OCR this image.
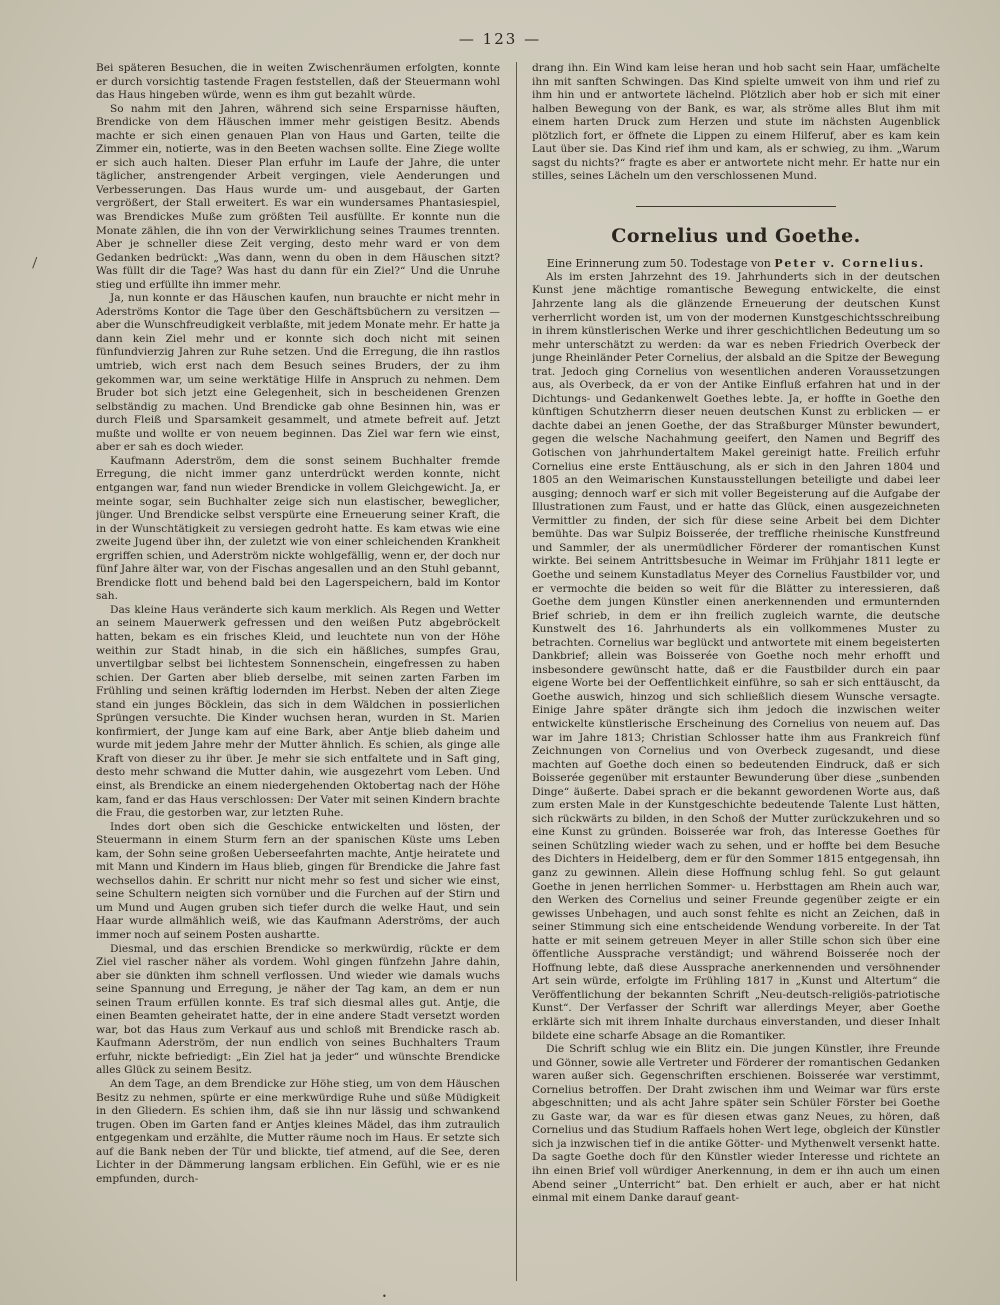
— 123 —

Bei späteren Besuchen, die in weiten Zwischenräumen erfolgten, konnte er durch vorsichtig tastende Fragen feststellen, daß der Steuermann wohl das Haus hingeben würde, wenn es ihm gut bezahlt würde.

So nahm mit den Jahren, während sich seine Ersparnisse häuften, Brendicke von dem Häuschen immer mehr geistigen Besitz. Abends machte er sich einen genauen Plan von Haus und Garten, teilte die Zimmer ein, notierte, was in den Beeten wachsen sollte. Eine Ziege wollte er sich auch halten. Dieser Plan erfuhr im Laufe der Jahre, die unter täglicher, anstrengender Arbeit vergingen, viele Aenderungen und Verbesserungen. Das Haus wurde um- und ausgebaut, der Garten vergrößert, der Stall erweitert. Es war ein wundersames Phantasiespiel, was Brendickes Muße zum größten Teil ausfüllte. Er konnte nun die Monate zählen, die ihn von der Verwirklichung seines Traumes trennten. Aber je schneller diese Zeit verging, desto mehr ward er von dem Gedanken bedrückt: „Was dann, wenn du oben in dem Häuschen sitzt? Was füllt dir die Tage? Was hast du dann für ein Ziel?“ Und die Unruhe stieg und erfüllte ihn immer mehr.

Ja, nun konnte er das Häuschen kaufen, nun brauchte er nicht mehr in Aderströms Kontor die Tage über den Geschäftsbüchern zu versitzen — aber die Wunschfreudigkeit verblaßte, mit jedem Monate mehr. Er hatte ja dann kein Ziel mehr und er konnte sich doch nicht mit seinen fünfundvierzig Jahren zur Ruhe setzen. Und die Erregung, die ihn rastlos umtrieb, wich erst nach dem Besuch seines Bruders, der zu ihm gekommen war, um seine werktätige Hilfe in Anspruch zu nehmen. Dem Bruder bot sich jetzt eine Gelegenheit, sich in bescheidenen Grenzen selbständig zu machen. Und Brendicke gab ohne Besinnen hin, was er durch Fleiß und Sparsamkeit gesammelt, und atmete befreit auf. Jetzt mußte und wollte er von neuem beginnen. Das Ziel war fern wie einst, aber er sah es doch wieder.

Kaufmann Aderström, dem die sonst seinem Buchhalter fremde Erregung, die nicht immer ganz unterdrückt werden konnte, nicht entgangen war, fand nun wieder Brendicke in vollem Gleichgewicht. Ja, er meinte sogar, sein Buchhalter zeige sich nun elastischer, beweglicher, jünger. Und Brendicke selbst verspürte eine Erneuerung seiner Kraft, die in der Wunschtätigkeit zu versiegen gedroht hatte. Es kam etwas wie eine zweite Jugend über ihn, der zuletzt wie von einer schleichenden Krankheit ergriffen schien, und Aderström nickte wohlgefällig, wenn er, der doch nur fünf Jahre älter war, von der Fischas angesallen und an den Stuhl gebannt, Brendicke flott und behend bald bei den Lagerspeichern, bald im Kontor sah.

Das kleine Haus veränderte sich kaum merklich. Als Regen und Wetter an seinem Mauerwerk gefressen und den weißen Putz abgebröckelt hatten, bekam es ein frisches Kleid, und leuchtete nun von der Höhe weithin zur Stadt hinab, in die sich ein häßliches, sumpfes Grau, unvertilgbar selbst bei lichtestem Sonnenschein, eingefressen zu haben schien. Der Garten aber blieb derselbe, mit seinen zarten Farben im Frühling und seinen kräftig lodernden im Herbst. Neben der alten Ziege stand ein junges Böcklein, das sich in dem Wäldchen in possierlichen Sprüngen versuchte. Die Kinder wuchsen heran, wurden in St. Marien konfirmiert, der Junge kam auf eine Bark, aber Antje blieb daheim und wurde mit jedem Jahre mehr der Mutter ähnlich. Es schien, als ginge alle Kraft von dieser zu ihr über. Je mehr sie sich entfaltete und in Saft ging, desto mehr schwand die Mutter dahin, wie ausgezehrt vom Leben. Und einst, als Brendicke an einem niedergehenden Oktobertag nach der Höhe kam, fand er das Haus verschlossen: Der Vater mit seinen Kindern brachte die Frau, die gestorben war, zur letzten Ruhe.

Indes dort oben sich die Geschicke entwickelten und lösten, der Steuermann in einem Sturm fern an der spanischen Küste ums Leben kam, der Sohn seine großen Ueberseefahrten machte, Antje heiratete und mit Mann und Kindern im Haus blieb, gingen für Brendicke die Jahre fast wechsellos dahin. Er schritt nur nicht mehr so fest und sicher wie einst, seine Schultern neigten sich vornüber und die Furchen auf der Stirn und um Mund und Augen gruben sich tiefer durch die welke Haut, und sein Haar wurde allmählich weiß, wie das Kaufmann Aderströms, der auch immer noch auf seinem Posten aushartte.

Diesmal, und das erschien Brendicke so merkwürdig, rückte er dem Ziel viel rascher näher als vordem. Wohl gingen fünfzehn Jahre dahin, aber sie dünkten ihm schnell verflossen. Und wieder wie damals wuchs seine Spannung und Erregung, je näher der Tag kam, an dem er nun seinen Traum erfüllen konnte. Es traf sich diesmal alles gut. Antje, die einen Beamten geheiratet hatte, der in eine andere Stadt versetzt worden war, bot das Haus zum Verkauf aus und schloß mit Brendicke rasch ab. Kaufmann Aderström, der nun endlich von seines Buchhalters Traum erfuhr, nickte befriedigt: „Ein Ziel hat ja jeder“ und wünschte Brendicke alles Glück zu seinem Besitz.

An dem Tage, an dem Brendicke zur Höhe stieg, um von dem Häuschen Besitz zu nehmen, spürte er eine merkwürdige Ruhe und süße Müdigkeit in den Gliedern. Es schien ihm, daß sie ihn nur lässig und schwankend trugen. Oben im Garten fand er Antjes kleines Mädel, das ihm zutraulich entgegenkam und erzählte, die Mutter räume noch im Haus. Er setzte sich auf die Bank neben der Tür und blickte, tief atmend, auf die See, deren Lichter in der Dämmerung langsam erblichen. Ein Gefühl, wie er es nie empfunden, durch-

drang ihn. Ein Wind kam leise heran und hob sacht sein Haar, umfächelte ihn mit sanften Schwingen. Das Kind spielte umweit von ihm und rief zu ihm hin und er antwortete lächelnd. Plötzlich aber hob er sich mit einer halben Bewegung von der Bank, es war, als ströme alles Blut ihm mit einem harten Druck zum Herzen und stute im nächsten Augenblick plötzlich fort, er öffnete die Lippen zu einem Hilferuf, aber es kam kein Laut über sie. Das Kind rief ihm und kam, als er schwieg, zu ihm. „Warum sagst du nichts?“ fragte es aber er antwortete nicht mehr. Er hatte nur ein stilles, seines Lächeln um den verschlossenen Mund.

Cornelius und Goethe.

Eine Erinnerung zum 50. Todestage von Peter v. Cornelius.

Als im ersten Jahrzehnt des 19. Jahrhunderts sich in der deutschen Kunst jene mächtige romantische Bewegung entwickelte, die einst Jahrzente lang als die glänzende Erneuerung der deutschen Kunst verherrlicht worden ist, um von der modernen Kunstgeschichtsschreibung in ihrem künstlerischen Werke und ihrer geschichtlichen Bedeutung um so mehr unterschätzt zu werden: da war es neben Friedrich Overbeck der junge Rheinländer Peter Cornelius, der alsbald an die Spitze der Bewegung trat. Jedoch ging Cornelius von wesentlichen anderen Voraussetzungen aus, als Overbeck, da er von der Antike Einfluß erfahren hat und in der Dichtungs- und Gedankenwelt Goethes lebte. Ja, er hoffte in Goethe den künftigen Schutzherrn dieser neuen deutschen Kunst zu erblicken — er dachte dabei an jenen Goethe, der das Straßburger Münster bewundert, gegen die welsche Nachahmung geeifert, den Namen und Begriff des Gotischen von jahrhundertaltem Makel gereinigt hatte. Freilich erfuhr Cornelius eine erste Enttäuschung, als er sich in den Jahren 1804 und 1805 an den Weimarischen Kunstausstellungen beteiligte und dabei leer ausging; dennoch warf er sich mit voller Begeisterung auf die Aufgabe der Illustrationen zum Faust, und er hatte das Glück, einen ausgezeichneten Vermittler zu finden, der sich für diese seine Arbeit bei dem Dichter bemühte. Das war Sulpiz Boisserée, der treffliche rheinische Kunstfreund und Sammler, der als unermüdlicher Förderer der romantischen Kunst wirkte. Bei seinem Antrittsbesuche in Weimar im Frühjahr 1811 legte er Goethe und seinem Kunstadlatus Meyer des Cornelius Faustbilder vor, und er vermochte die beiden so weit für die Blätter zu interessieren, daß Goethe dem jungen Künstler einen anerkennenden und ermunternden Brief schrieb, in dem er ihn freilich zugleich warnte, die deutsche Kunstwelt des 16. Jahrhunderts als ein vollkommenes Muster zu betrachten. Cornelius war beglückt und antwortete mit einem begeisterten Dankbrief; allein was Boisserée von Goethe noch mehr erhofft und insbesondere gewünscht hatte, daß er die Faustbilder durch ein paar eigene Worte bei der Oeffentlichkeit einführe, so sah er sich enttäuscht, da Goethe auswich, hinzog und sich schließlich diesem Wunsche versagte. Einige Jahre später drängte sich ihm jedoch die inzwischen weiter entwickelte künstlerische Erscheinung des Cornelius von neuem auf. Das war im Jahre 1813; Christian Schlosser hatte ihm aus Frankreich fünf Zeichnungen von Cornelius und von Overbeck zugesandt, und diese machten auf Goethe doch einen so bedeutenden Eindruck, daß er sich Boisserée gegenüber mit erstaunter Bewunderung über diese „sunbenden Dinge“ äußerte. Dabei sprach er die bekannt gewordenen Worte aus, daß zum ersten Male in der Kunstgeschichte bedeutende Talente Lust hätten, sich rückwärts zu bilden, in den Schoß der Mutter zurückzukehren und so eine Kunst zu gründen. Boisserée war froh, das Interesse Goethes für seinen Schützling wieder wach zu sehen, und er hoffte bei dem Besuche des Dichters in Heidelberg, dem er für den Sommer 1815 entgegensah, ihn ganz zu gewinnen. Allein diese Hoffnung schlug fehl. So gut gelaunt Goethe in jenen herrlichen Sommer- u. Herbsttagen am Rhein auch war, den Werken des Cornelius und seiner Freunde gegenüber zeigte er ein gewisses Unbehagen, und auch sonst fehlte es nicht an Zeichen, daß in seiner Stimmung sich eine entscheidende Wendung vorbereite. In der Tat hatte er mit seinem getreuen Meyer in aller Stille schon sich über eine öffentliche Aussprache verständigt; und während Boisserée noch der Hoffnung lebte, daß diese Aussprache anerkennenden und versöhnender Art sein würde, erfolgte im Frühling 1817 in „Kunst und Altertum“ die Veröffentlichung der bekannten Schrift „Neu-deutsch-religiös-patriotische Kunst“. Der Verfasser der Schrift war allerdings Meyer, aber Goethe erklärte sich mit ihrem Inhalte durchaus einverstanden, und dieser Inhalt bildete eine scharfe Absage an die Romantiker.

Die Schrift schlug wie ein Blitz ein. Die jungen Künstler, ihre Freunde und Gönner, sowie alle Vertreter und Förderer der romantischen Gedanken waren außer sich. Gegenschriften erschienen. Boisserée war verstimmt, Cornelius betroffen. Der Draht zwischen ihm und Weimar war fürs erste abgeschnitten; und als acht Jahre später sein Schüler Förster bei Goethe zu Gaste war, da war es für diesen etwas ganz Neues, zu hören, daß Cornelius und das Studium Raffaels hohen Wert lege, obgleich der Künstler sich ja inzwischen tief in die antike Götter- und Mythenwelt versenkt hatte. Da sagte Goethe doch für den Künstler wieder Interesse und richtete an ihn einen Brief voll würdiger Anerkennung, in dem er ihn auch um einen Abend seiner „Unterricht“ bat. Den erhielt er auch, aber er hat nicht einmal mit einem Danke darauf geant-

•
